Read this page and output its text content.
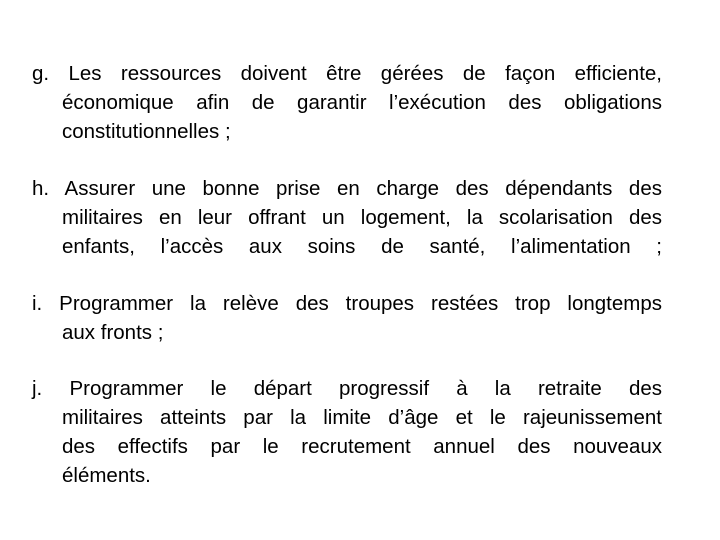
g. Les ressources doivent être gérées de façon efficiente,
économique afin de garantir l’exécution des obligations
constitutionnelles ;
h. Assurer une bonne prise en charge des dépendants des
militaires en leur offrant un logement, la scolarisation des
enfants, l’accès aux soins de santé, l’alimentation ;
i. Programmer la relève des troupes restées trop longtemps
aux fronts ;
j. Programmer le départ progressif à la retraite des
militaires atteints par la limite d’âge et le rajeunissement
des effectifs par le recrutement annuel des nouveaux
éléments.
